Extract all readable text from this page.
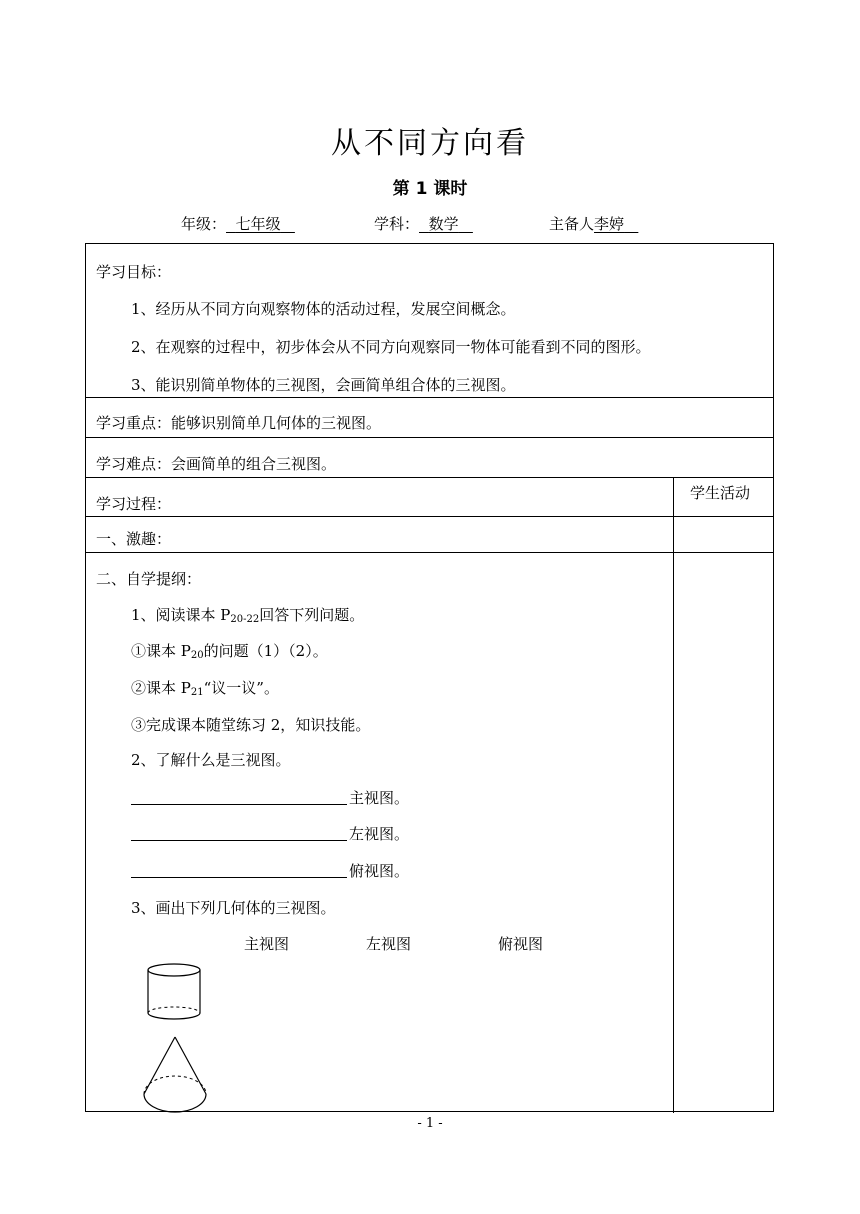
从不同方向看
第 1 课时
年级： 七年级	学科： 数学	主备人李婷
学习目标：
1、经历从不同方向观察物体的活动过程，发展空间概念。
2、在观察的过程中，初步体会从不同方向观察同一物体可能看到不同的图形。
3、能识别简单物体的三视图，会画简单组合体的三视图。
学习重点：能够识别简单几何体的三视图。
学习难点：会画简单的组合三视图。
学习过程：
学生活动
一、激趣：
二、自学提纲：
1、阅读课本 $P_{20-22}$回答下列问题。
①课本 $P_{20}$的问题（1）（2）。
②课本 $P_{21}“$议一议”。
③完成课本随堂练习 2，知识技能。
2、了解什么是三视图。
主视图。
左视图。
俯视图。
3、画出下列几何体的三视图。
主视图	左视图	俯视图
- 1 -
